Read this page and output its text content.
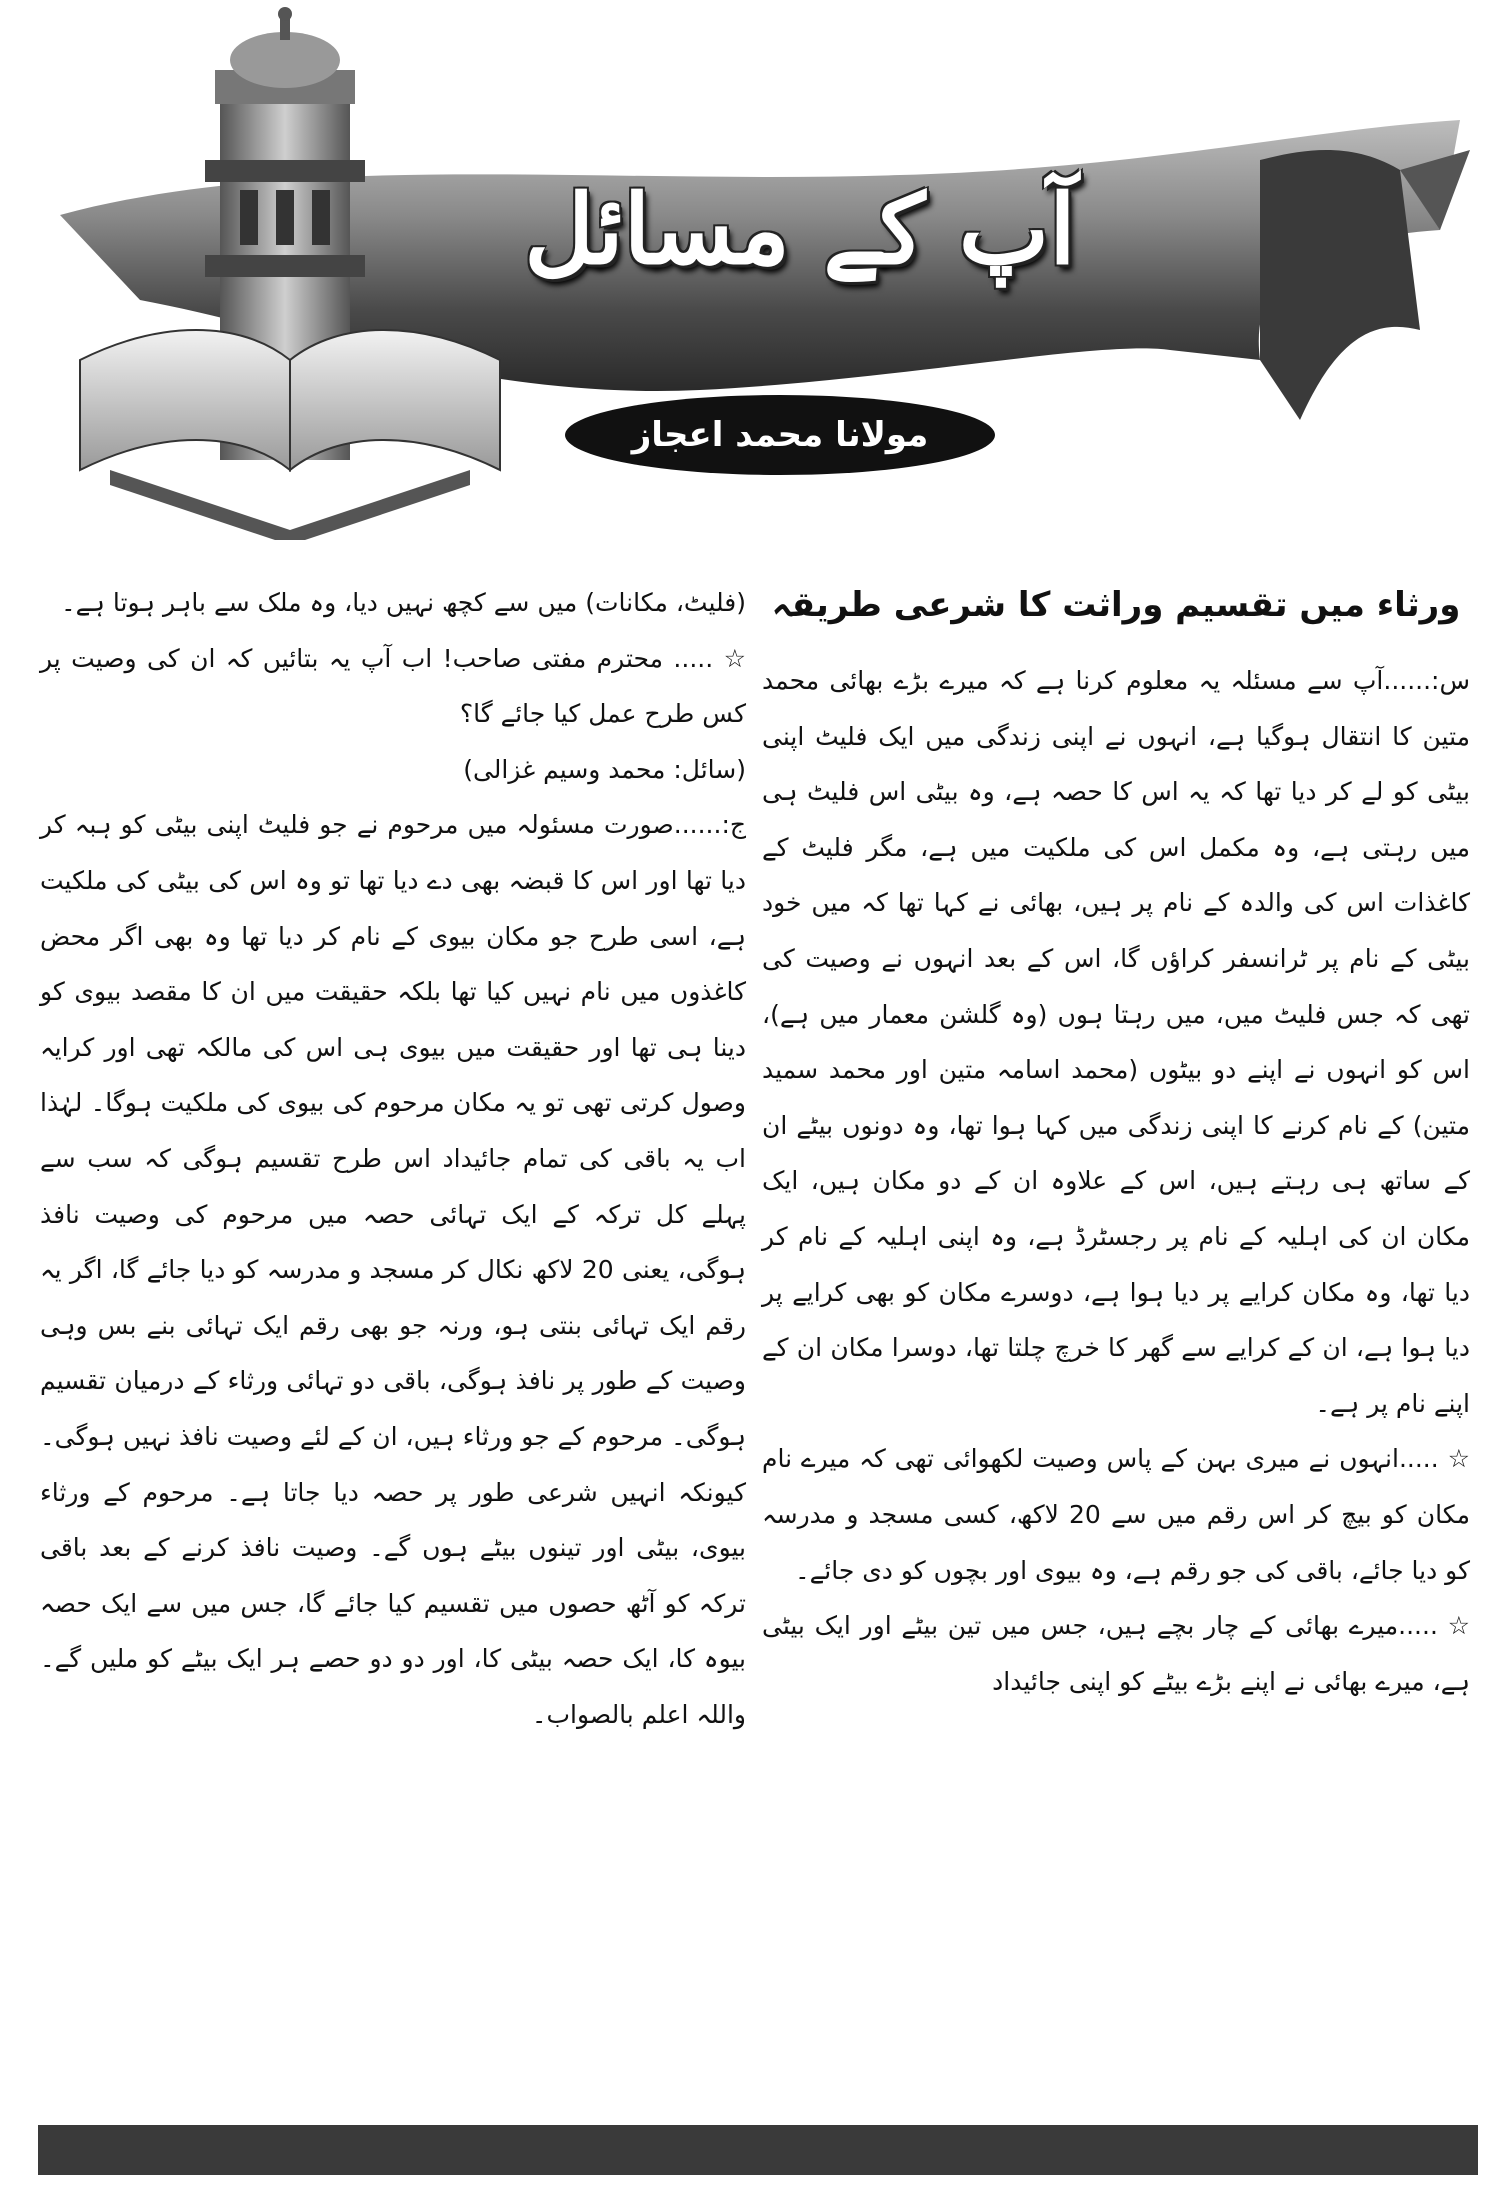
آپ کے مسائل
مولانا محمد اعجاز مصطفٰی

ورثاء میں تقسیم وراثت کا شرعی طریقہ

س:......آپ سے مسئلہ یہ معلوم کرنا ہے کہ میرے بڑے بھائی محمد متین کا انتقال ہوگیا ہے، انہوں نے اپنی زندگی میں ایک فلیٹ اپنی بیٹی کو لے کر دیا تھا کہ یہ اس کا حصہ ہے، وہ بیٹی اس فلیٹ ہی میں رہتی ہے، وہ مکمل اس کی ملکیت میں ہے، مگر فلیٹ کے کاغذات اس کی والدہ کے نام پر ہیں، بھائی نے کہا تھا کہ میں خود بیٹی کے نام پر ٹرانسفر کراؤں گا، اس کے بعد انہوں نے وصیت کی تھی کہ جس فلیٹ میں، میں رہتا ہوں (وہ گلشن معمار میں ہے)، اس کو انہوں نے اپنے دو بیٹوں (محمد اسامہ متین اور محمد سمید متین) کے نام کرنے کا اپنی زندگی میں کہا ہوا تھا، وہ دونوں بیٹے ان کے ساتھ ہی رہتے ہیں، اس کے علاوہ ان کے دو مکان ہیں، ایک مکان ان کی اہلیہ کے نام پر رجسٹرڈ ہے، وہ اپنی اہلیہ کے نام کر دیا تھا، وہ مکان کرایے پر دیا ہوا ہے، دوسرے مکان کو بھی کرایے پر دیا ہوا ہے، ان کے کرایے سے گھر کا خرچ چلتا تھا، دوسرا مکان ان کے اپنے نام پر ہے۔

☆ .....انہوں نے میری بہن کے پاس وصیت لکھوائی تھی کہ میرے نام مکان کو بیچ کر اس رقم میں سے 20 لاکھ، کسی مسجد و مدرسہ کو دیا جائے، باقی کی جو رقم ہے، وہ بیوی اور بچوں کو دی جائے۔

☆ .....میرے بھائی کے چار بچے ہیں، جس میں تین بیٹے اور ایک بیٹی ہے، میرے بھائی نے اپنے بڑے بیٹے کو اپنی جائیداد

(فلیٹ، مکانات) میں سے کچھ نہیں دیا، وہ ملک سے باہر ہوتا ہے۔

☆ ..... محترم مفتی صاحب! اب آپ یہ بتائیں کہ ان کی وصیت پر کس طرح عمل کیا جائے گا؟

(سائل: محمد وسیم غزالی)

ج:......صورت مسئولہ میں مرحوم نے جو فلیٹ اپنی بیٹی کو ہبہ کر دیا تھا اور اس کا قبضہ بھی دے دیا تھا تو وہ اس کی بیٹی کی ملکیت ہے، اسی طرح جو مکان بیوی کے نام کر دیا تھا وہ بھی اگر محض کاغذوں میں نام نہیں کیا تھا بلکہ حقیقت میں ان کا مقصد بیوی کو دینا ہی تھا اور حقیقت میں بیوی ہی اس کی مالکہ تھی اور کرایہ وصول کرتی تھی تو یہ مکان مرحوم کی بیوی کی ملکیت ہوگا۔ لہٰذا اب یہ باقی کی تمام جائیداد اس طرح تقسیم ہوگی کہ سب سے پہلے کل ترکہ کے ایک تہائی حصہ میں مرحوم کی وصیت نافذ ہوگی، یعنی 20 لاکھ نکال کر مسجد و مدرسہ کو دیا جائے گا، اگر یہ رقم ایک تہائی بنتی ہو، ورنہ جو بھی رقم ایک تہائی بنے بس وہی وصیت کے طور پر نافذ ہوگی، باقی دو تہائی ورثاء کے درمیان تقسیم ہوگی۔ مرحوم کے جو ورثاء ہیں، ان کے لئے وصیت نافذ نہیں ہوگی۔ کیونکہ انہیں شرعی طور پر حصہ دیا جاتا ہے۔ مرحوم کے ورثاء بیوی، بیٹی اور تینوں بیٹے ہوں گے۔ وصیت نافذ کرنے کے بعد باقی ترکہ کو آٹھ حصوں میں تقسیم کیا جائے گا، جس میں سے ایک حصہ بیوہ کا، ایک حصہ بیٹی کا، اور دو دو حصے ہر ایک بیٹے کو ملیں گے۔ واللہ اعلم بالصواب۔
